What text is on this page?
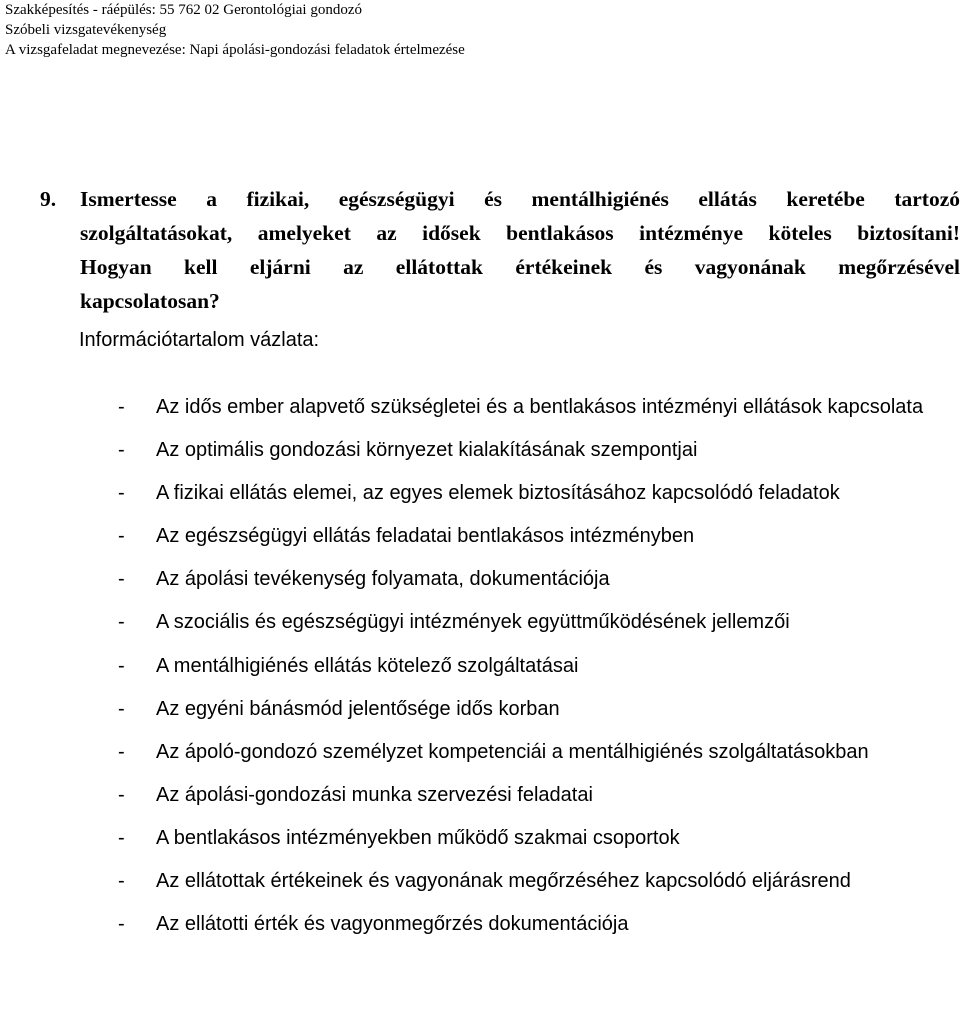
Szakképesítés - ráépülés: 55 762 02 Gerontológiai gondozó
Szóbeli vizsgatevékenység
A vizsgafeladat megnevezése: Napi ápolási-gondozási feladatok értelmezése
9. Ismertesse a fizikai, egészségügyi és mentálhigiénés ellátás keretébe tartozó
szolgáltatásokat, amelyeket az idősek bentlakásos intézménye köteles biztosítani!
Hogyan kell eljárni az ellátottak értékeinek és vagyonának megőrzésével
kapcsolatosan?
Információtartalom vázlata:
- Az idős ember alapvető szükségletei és a bentlakásos intézményi ellátások kapcsolata
- Az optimális gondozási környezet kialakításának szempontjai
- A fizikai ellátás elemei, az egyes elemek biztosításához kapcsolódó feladatok
- Az egészségügyi ellátás feladatai bentlakásos intézményben
- Az ápolási tevékenység folyamata, dokumentációja
- A szociális és egészségügyi intézmények együttműködésének jellemzői
- A mentálhigiénés ellátás kötelező szolgáltatásai
- Az egyéni bánásmód jelentősége idős korban
- Az ápoló-gondozó személyzet kompetenciái a mentálhigiénés szolgáltatásokban
- Az ápolási-gondozási munka szervezési feladatai
- A bentlakásos intézményekben működő szakmai csoportok
- Az ellátottak értékeinek és vagyonának megőrzéséhez kapcsolódó eljárásrend
- Az ellátotti érték és vagyonmegőrzés dokumentációja
